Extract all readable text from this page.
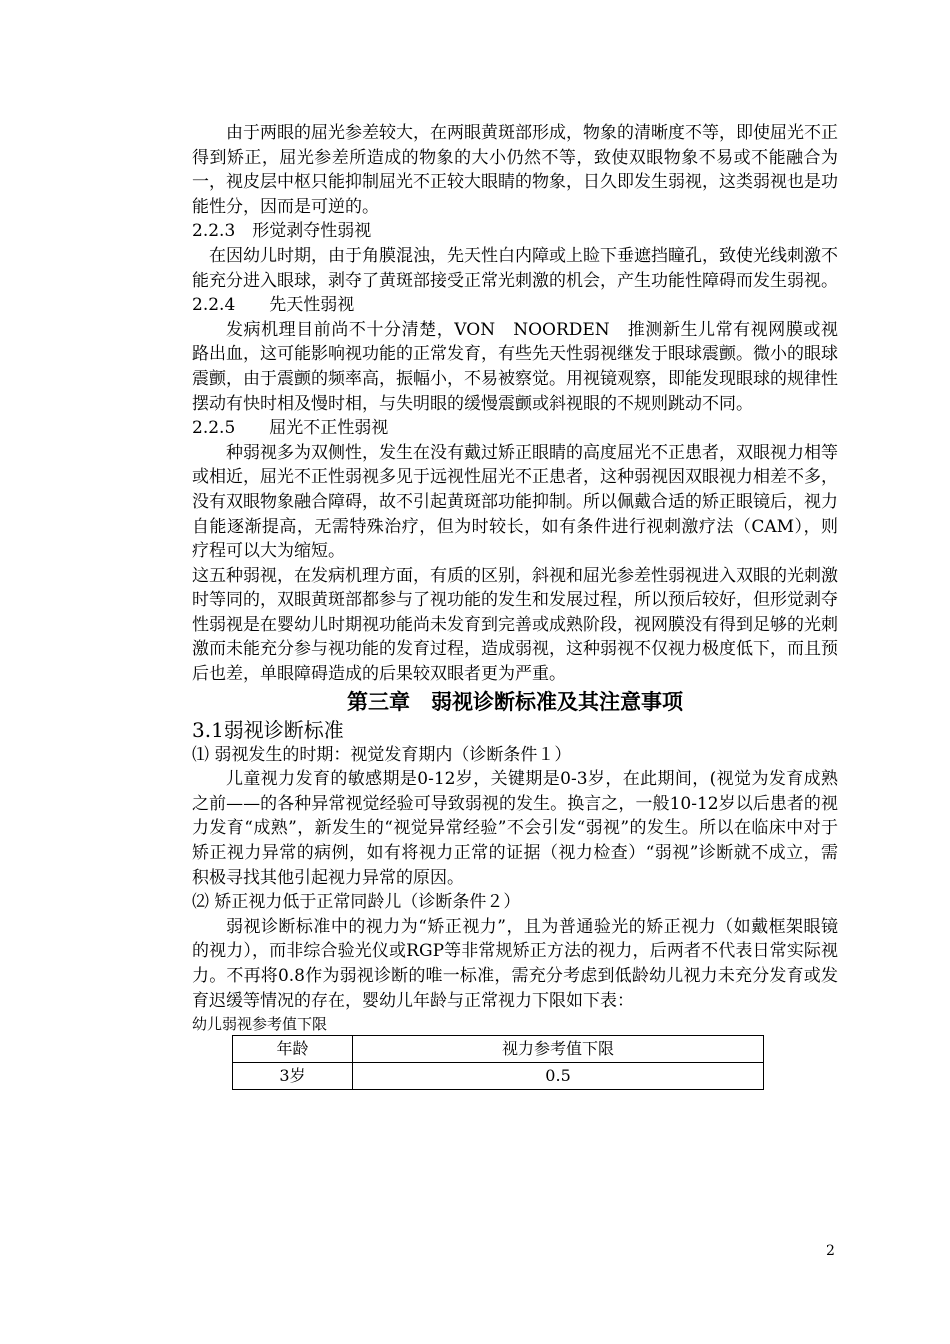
由于两眼的屈光参差较大，在两眼黄斑部形成，物象的清晰度不等，即使屈光不正得到矫正，屈光参差所造成的物象的大小仍然不等，致使双眼物象不易或不能融合为一，视皮层中枢只能抑制屈光不正较大眼睛的物象，日久即发生弱视，这类弱视也是功能性分，因而是可逆的。

2.2.3　形觉剥夺性弱视

在因幼儿时期，由于角膜混浊，先天性白内障或上睑下垂遮挡瞳孔，致使光线刺激不能充分进入眼球，剥夺了黄斑部接受正常光刺激的机会，产生功能性障碍而发生弱视。

2.2.4　　先天性弱视

发病机理目前尚不十分清楚，VON　NOORDEN　推测新生儿常有视网膜或视路出血，这可能影响视功能的正常发育，有些先天性弱视继发于眼球震颤。微小的眼球震颤，由于震颤的频率高，振幅小，不易被察觉。用视镜观察，即能发现眼球的规律性摆动有快时相及慢时相，与失明眼的缓慢震颤或斜视眼的不规则跳动不同。

2.2.5　　屈光不正性弱视

种弱视多为双侧性，发生在没有戴过矫正眼睛的高度屈光不正患者，双眼视力相等或相近，屈光不正性弱视多见于远视性屈光不正患者，这种弱视因双眼视力相差不多，没有双眼物象融合障碍，故不引起黄斑部功能抑制。所以佩戴合适的矫正眼镜后，视力自能逐渐提高，无需特殊治疗，但为时较长，如有条件进行视刺激疗法（CAM），则疗程可以大为缩短。

这五种弱视，在发病机理方面，有质的区别，斜视和屈光参差性弱视进入双眼的光刺激时等同的，双眼黄斑部都参与了视功能的发生和发展过程，所以预后较好，但形觉剥夺性弱视是在婴幼儿时期视功能尚未发育到完善或成熟阶段，视网膜没有得到足够的光刺激而未能充分参与视功能的发育过程，造成弱视，这种弱视不仅视力极度低下，而且预后也差，单眼障碍造成的后果较双眼者更为严重。

第三章　弱视诊断标准及其注意事项

3.1弱视诊断标准

⑴ 弱视发生的时期：视觉发育期内（诊断条件１）

儿童视力发育的敏感期是0-12岁，关键期是0-3岁，在此期间，(视觉为发育成熟之前——的各种异常视觉经验可导致弱视的发生。换言之，一般10-12岁以后患者的视力发育“成熟”，新发生的“视觉异常经验”不会引发“弱视”的发生。所以在临床中对于矫正视力异常的病例，如有将视力正常的证据（视力检查）“弱视”诊断就不成立，需积极寻找其他引起视力异常的原因。

⑵ 矫正视力低于正常同龄儿（诊断条件２）

弱视诊断标准中的视力为“矫正视力”，且为普通验光的矫正视力（如戴框架眼镜的视力），而非综合验光仪或RGP等非常规矫正方法的视力，后两者不代表日常实际视力。不再将0.8作为弱视诊断的唯一标准，需充分考虑到低龄幼儿视力未充分发育或发育迟缓等情况的存在，婴幼儿年龄与正常视力下限如下表：

幼儿弱视参考值下限

年龄	视力参考值下限
3岁	0.5
2
